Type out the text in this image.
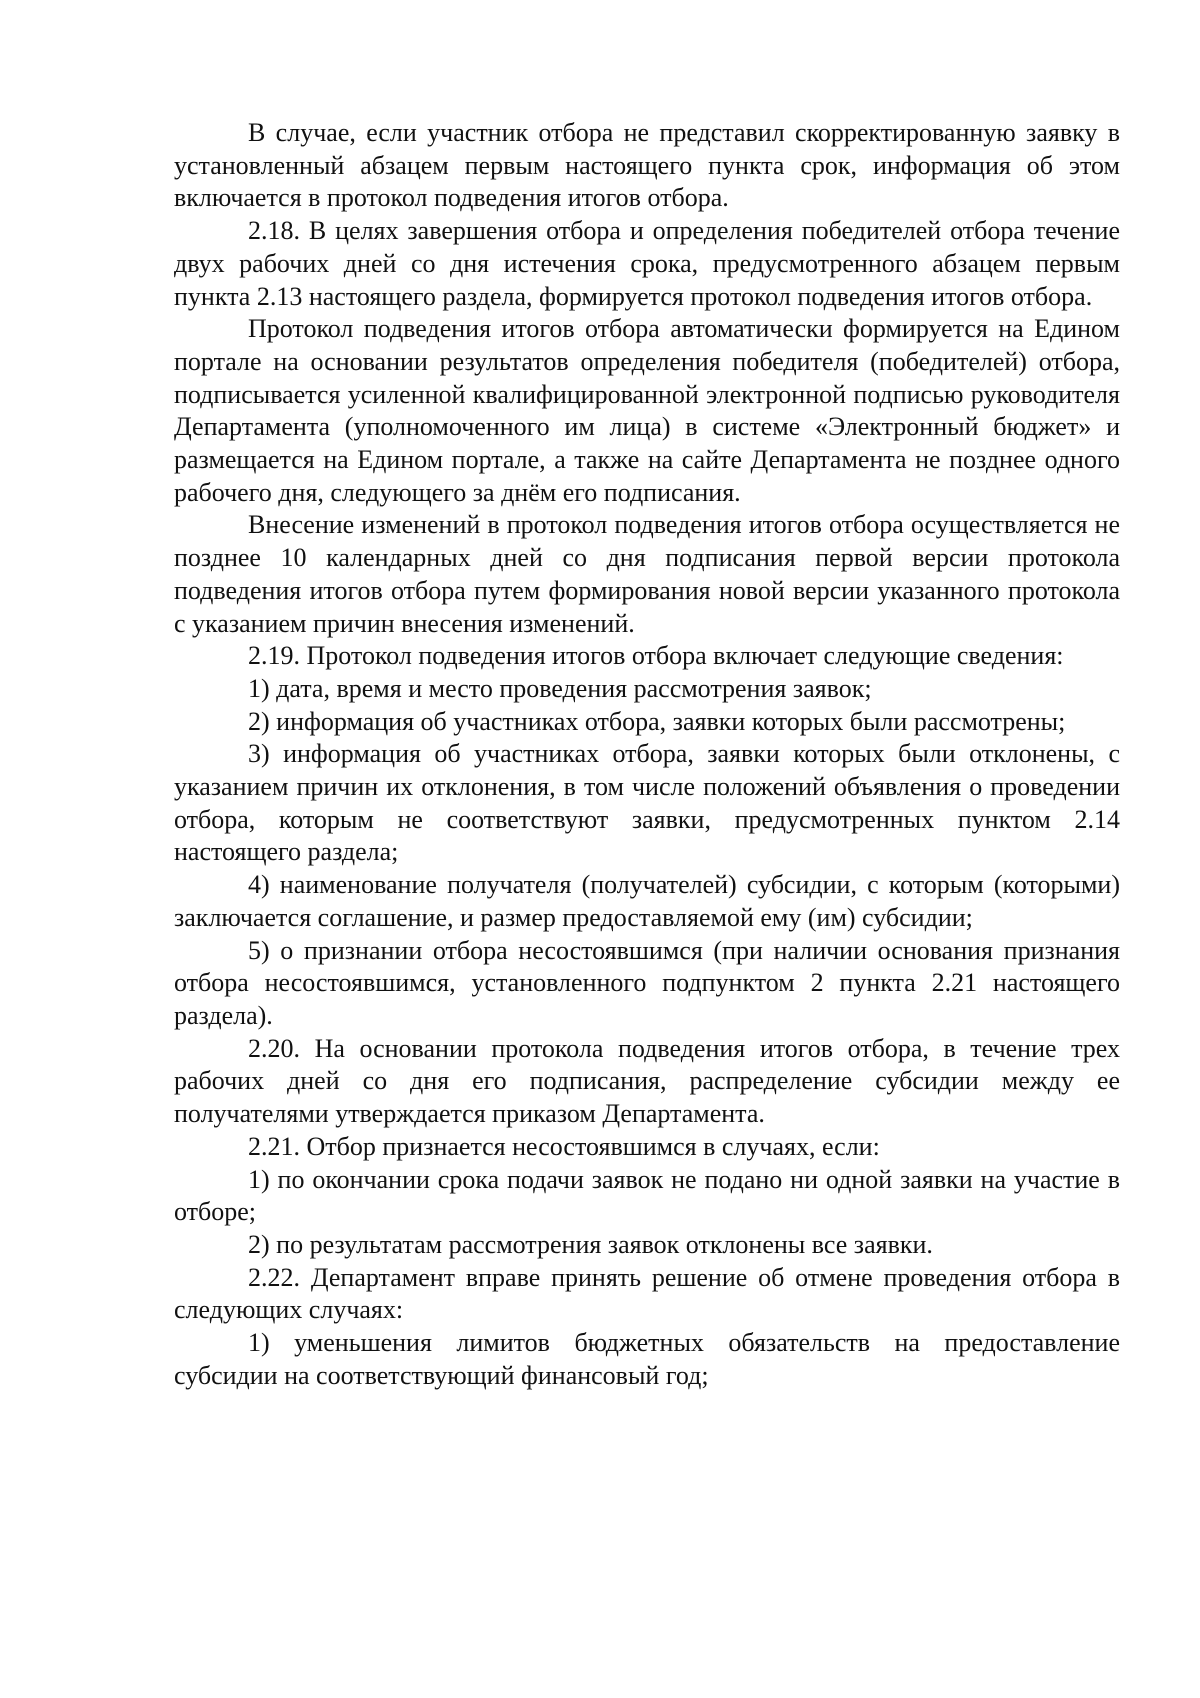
В случае, если участник отбора не представил скорректированную заявку в установленный абзацем первым настоящего пункта срок, информация об этом включается в протокол подведения итогов отбора.

2.18. В целях завершения отбора и определения победителей отбора течение двух рабочих дней со дня истечения срока, предусмотренного абзацем первым пункта 2.13 настоящего раздела, формируется протокол подведения итогов отбора.

Протокол подведения итогов отбора автоматически формируется на Едином портале на основании результатов определения победителя (победителей) отбора, подписывается усиленной квалифицированной электронной подписью руководителя Департамента (уполномоченного им лица) в системе «Электронный бюджет» и размещается на Едином портале, а также на сайте Департамента не позднее одного рабочего дня, следующего за днём его подписания.

Внесение изменений в протокол подведения итогов отбора осуществляется не позднее 10 календарных дней со дня подписания первой версии протокола подведения итогов отбора путем формирования новой версии указанного протокола с указанием причин внесения изменений.

2.19. Протокол подведения итогов отбора включает следующие сведения:

1) дата, время и место проведения рассмотрения заявок;

2) информация об участниках отбора, заявки которых были рассмотрены;

3) информация об участниках отбора, заявки которых были отклонены, с указанием причин их отклонения, в том числе положений объявления о проведении отбора, которым не соответствуют заявки, предусмотренных пунктом 2.14 настоящего раздела;

4) наименование получателя (получателей) субсидии, с которым (которыми) заключается соглашение, и размер предоставляемой ему (им) субсидии;

5) о признании отбора несостоявшимся (при наличии основания признания отбора несостоявшимся, установленного подпунктом 2 пункта 2.21 настоящего раздела).

2.20. На основании протокола подведения итогов отбора, в течение трех рабочих дней со дня его подписания, распределение субсидии между ее получателями утверждается приказом Департамента.

2.21. Отбор признается несостоявшимся в случаях, если:

1) по окончании срока подачи заявок не подано ни одной заявки на участие в отборе;

2) по результатам рассмотрения заявок отклонены все заявки.

2.22. Департамент вправе принять решение об отмене проведения отбора в следующих случаях:

1) уменьшения лимитов бюджетных обязательств на предоставление субсидии на соответствующий финансовый год;
